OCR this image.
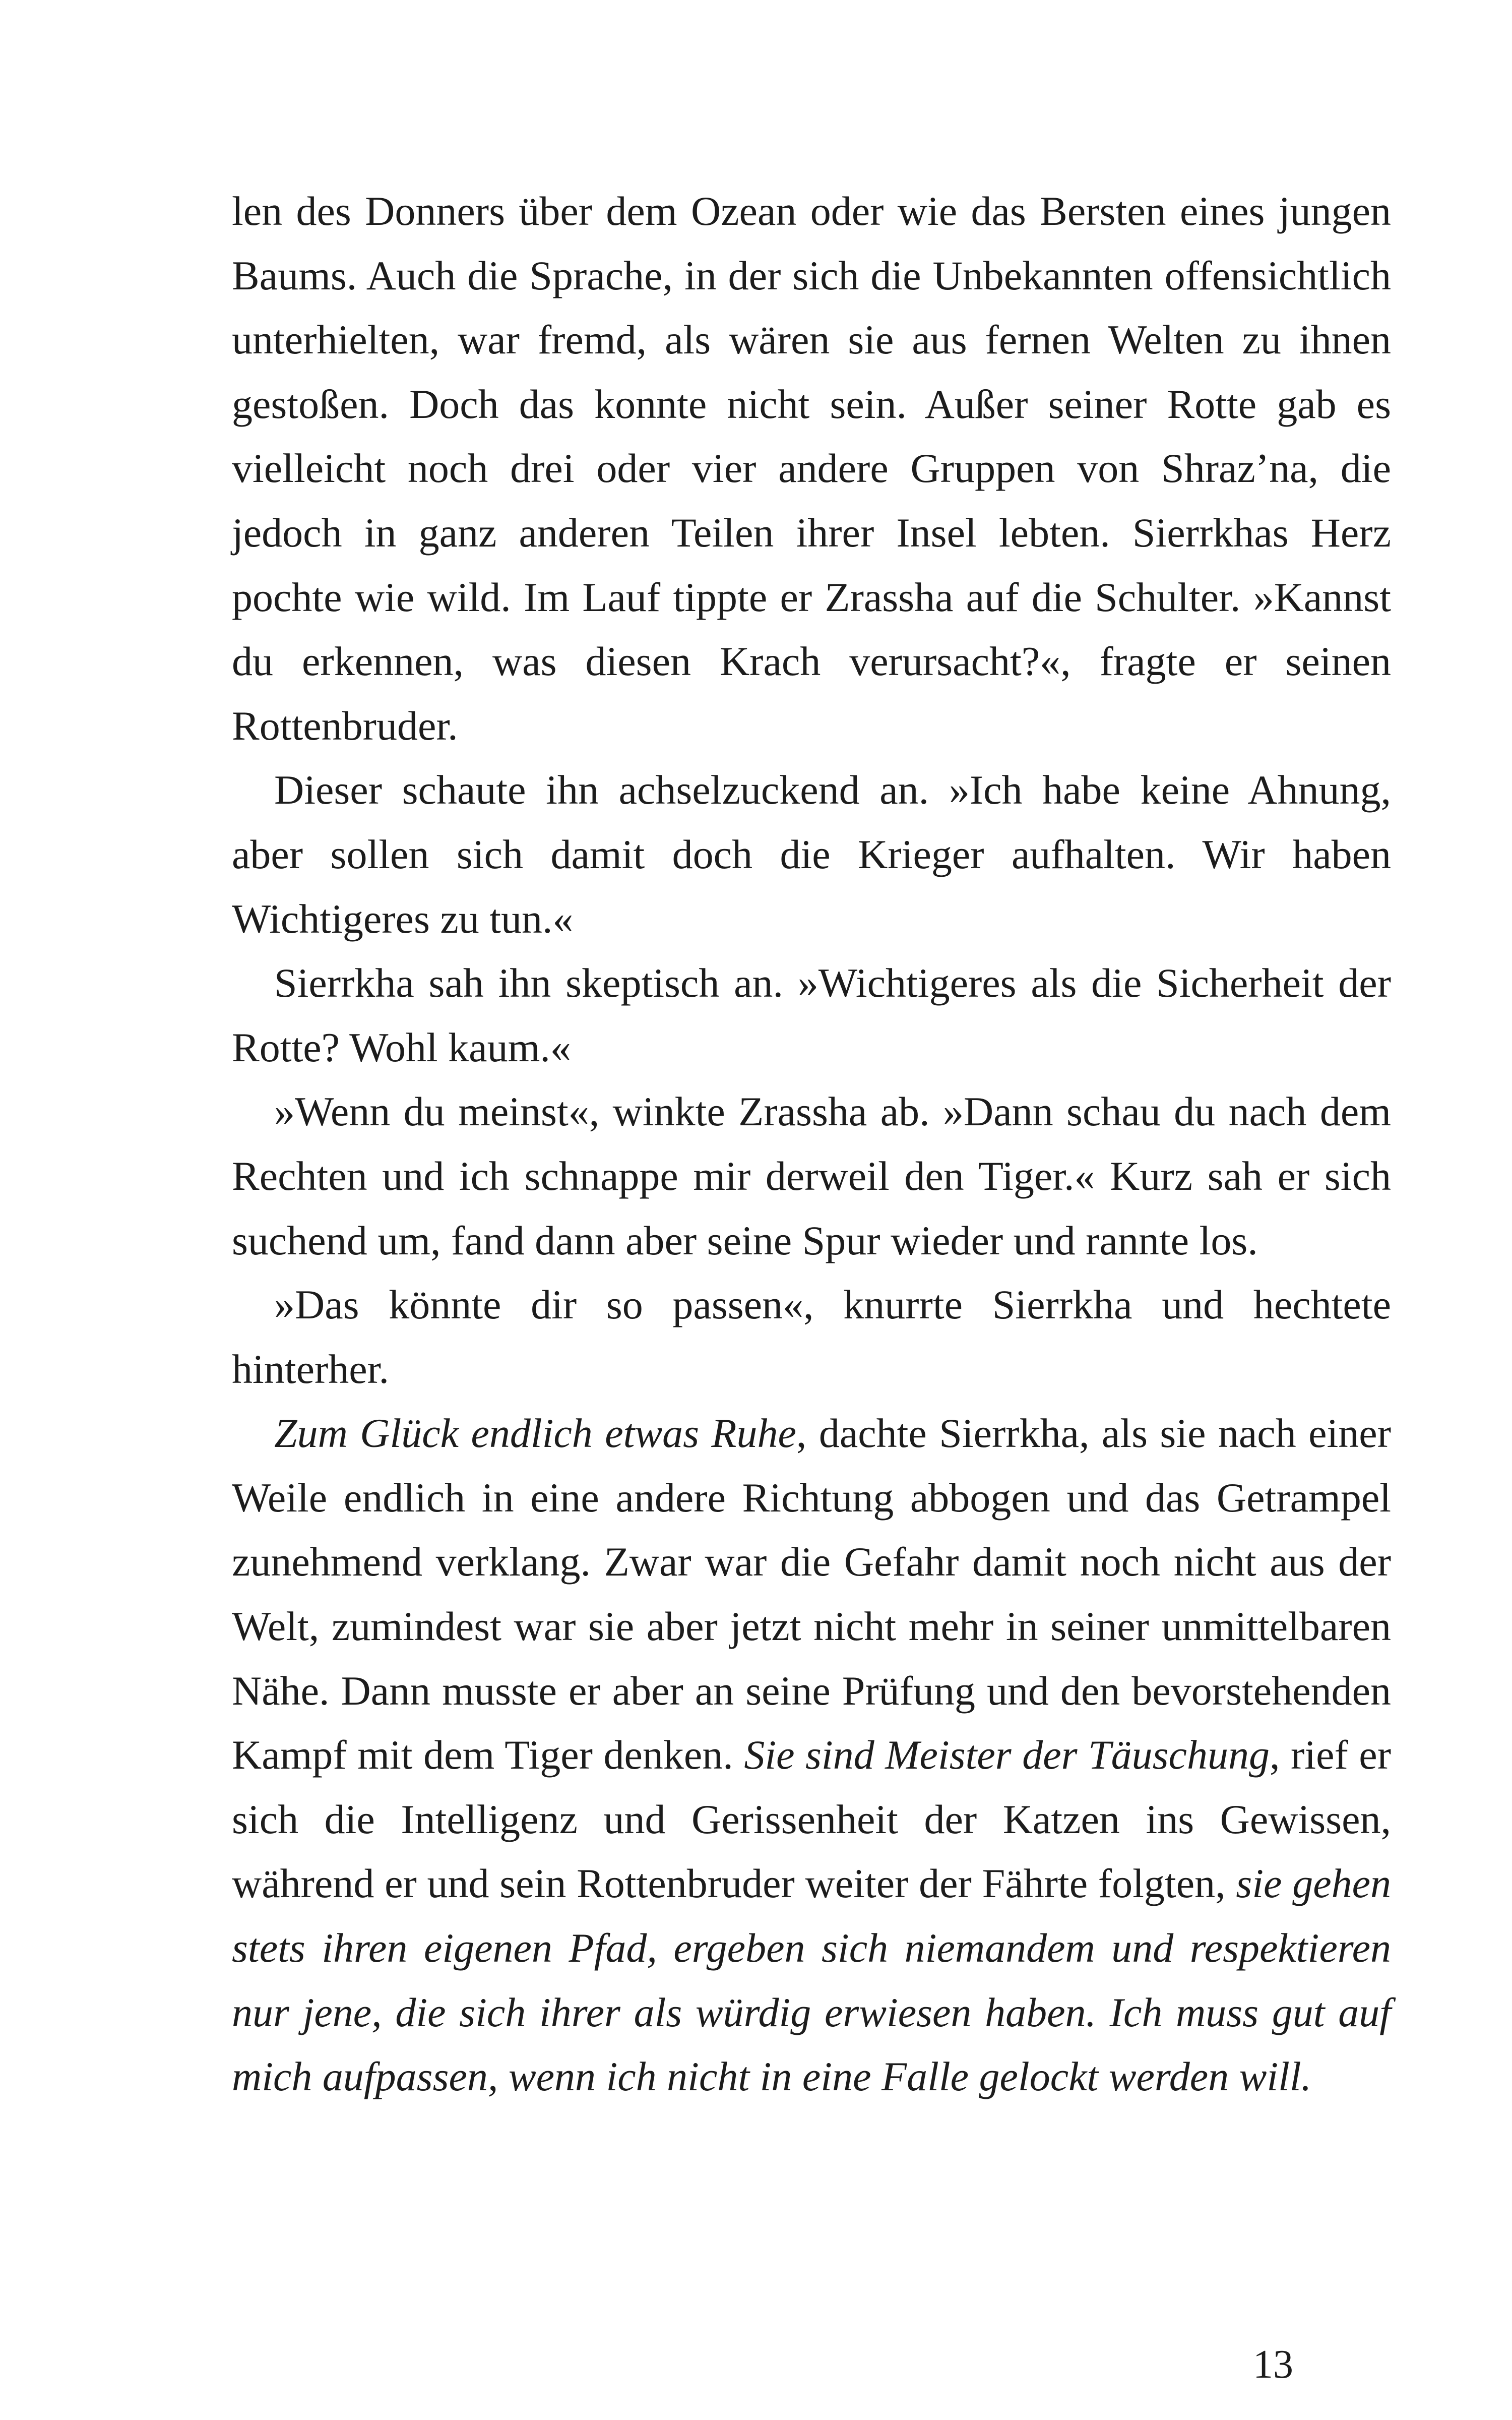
len des Donners über dem Ozean oder wie das Bersten eines jungen Baums. Auch die Sprache, in der sich die Unbekannten offensichtlich unterhielten, war fremd, als wären sie aus fernen Welten zu ihnen gestoßen. Doch das konnte nicht sein. Außer seiner Rotte gab es vielleicht noch drei oder vier andere Gruppen von Shraz’na, die jedoch in ganz anderen Teilen ihrer Insel lebten. Sierrkhas Herz pochte wie wild. Im Lauf tippte er Zrassha auf die Schulter. »Kannst du erkennen, was diesen Krach verursacht?«, fragte er seinen Rottenbruder.

Dieser schaute ihn achselzuckend an. »Ich habe keine Ahnung, aber sollen sich damit doch die Krieger aufhalten. Wir haben Wichtigeres zu tun.«

Sierrkha sah ihn skeptisch an. »Wichtigeres als die Sicherheit der Rotte? Wohl kaum.«

»Wenn du meinst«, winkte Zrassha ab. »Dann schau du nach dem Rechten und ich schnappe mir derweil den Tiger.« Kurz sah er sich suchend um, fand dann aber seine Spur wieder und rannte los.

»Das könnte dir so passen«, knurrte Sierrkha und hechtete hinterher.

Zum Glück endlich etwas Ruhe, dachte Sierrkha, als sie nach einer Weile endlich in eine andere Richtung abbogen und das Getrampel zunehmend verklang. Zwar war die Gefahr damit noch nicht aus der Welt, zumindest war sie aber jetzt nicht mehr in seiner unmittelbaren Nähe. Dann musste er aber an seine Prüfung und den bevorstehenden Kampf mit dem Tiger denken. Sie sind Meister der Täuschung, rief er sich die Intelligenz und Gerissenheit der Katzen ins Gewissen, während er und sein Rottenbruder weiter der Fährte folgten, sie gehen stets ihren eigenen Pfad, ergeben sich niemandem und respektieren nur jene, die sich ihrer als würdig erwiesen haben. Ich muss gut auf mich aufpassen, wenn ich nicht in eine Falle gelockt werden will.

13
